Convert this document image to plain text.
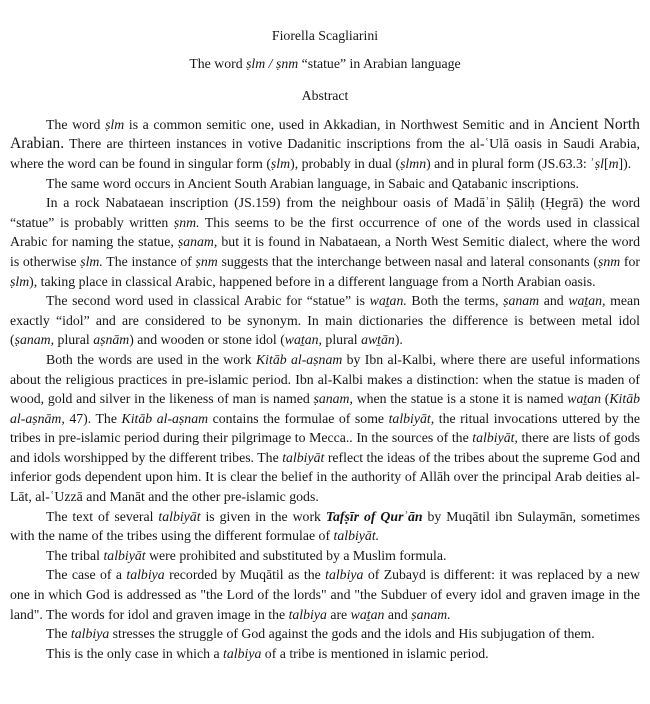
Fiorella Scagliarini

The word ṣlm / ṣnm “statue” in Arabian language

Abstract

The word ṣlm is a common semitic one, used in Akkadian, in Northwest Semitic and in Ancient North Arabian. There are thirteen instances in votive Dadanitic inscriptions from the al-ʿUlā oasis in Saudi Arabia, where the word can be found in singular form (ṣlm), probably in dual (ṣlmn) and in plural form (JS.63.3: ʾṣl[m]).

The same word occurs in Ancient South Arabian language, in Sabaic and Qatabanic inscriptions.

In a rock Nabataean inscription (JS.159) from the neighbour oasis of Madāʾin Ṣāliḥ (Ḥegrā) the word “statue” is probably written ṣnm. This seems to be the first occurrence of one of the words used in classical Arabic for naming the statue, ṣanam, but it is found in Nabataean, a North West Semitic dialect, where the word is otherwise ṣlm. The instance of ṣnm suggests that the interchange between nasal and lateral consonants (ṣnm for ṣlm), taking place in classical Arabic, happened before in a different language from a North Arabian oasis.

The second word used in classical Arabic for “statue” is waṯan. Both the terms, ṣanam and waṯan, mean exactly “idol” and are considered to be synonym. In main dictionaries the difference is between metal idol (ṣanam, plural aṣnām) and wooden or stone idol (waṯan, plural awṯān).

Both the words are used in the work Kitāb al-aṣnam by Ibn al-Kalbi, where there are useful informations about the religious practices in pre-islamic period. Ibn al-Kalbi makes a distinction: when the statue is maden of wood, gold and silver in the likeness of man is named ṣanam, when the statue is a stone it is named waṯan (Kitāb al-aṣnām, 47). The Kitāb al-aṣnam contains the formulae of some talbiyāt, the ritual invocations uttered by the tribes in pre-islamic period during their pilgrimage to Mecca.. In the sources of the talbiyāt, there are lists of gods and idols worshipped by the different tribes. The talbiyāt reflect the ideas of the tribes about the supreme God and inferior gods dependent upon him. It is clear the belief in the authority of Allāh over the principal Arab deities al-Lāt, al-ʿUzzā and Manāt and the other pre-islamic gods.

The text of several talbiyāt is given in the work Tafṣīr of Qurʾān by Muqātil ibn Sulaymān, sometimes with the name of the tribes using the different formulae of talbiyāt.

The tribal talbiyāt were prohibited and substituted by a Muslim formula.

The case of a talbiya recorded by Muqātil as the talbiya of Zubayd is different: it was replaced by a new one in which God is addressed as "the Lord of the lords" and "the Subduer of every idol and graven image in the land". The words for idol and graven image in the talbiya are waṯan and ṣanam.

The talbiya stresses the struggle of God against the gods and the idols and His subjugation of them.

This is the only case in which a talbiya of a tribe is mentioned in islamic period.
